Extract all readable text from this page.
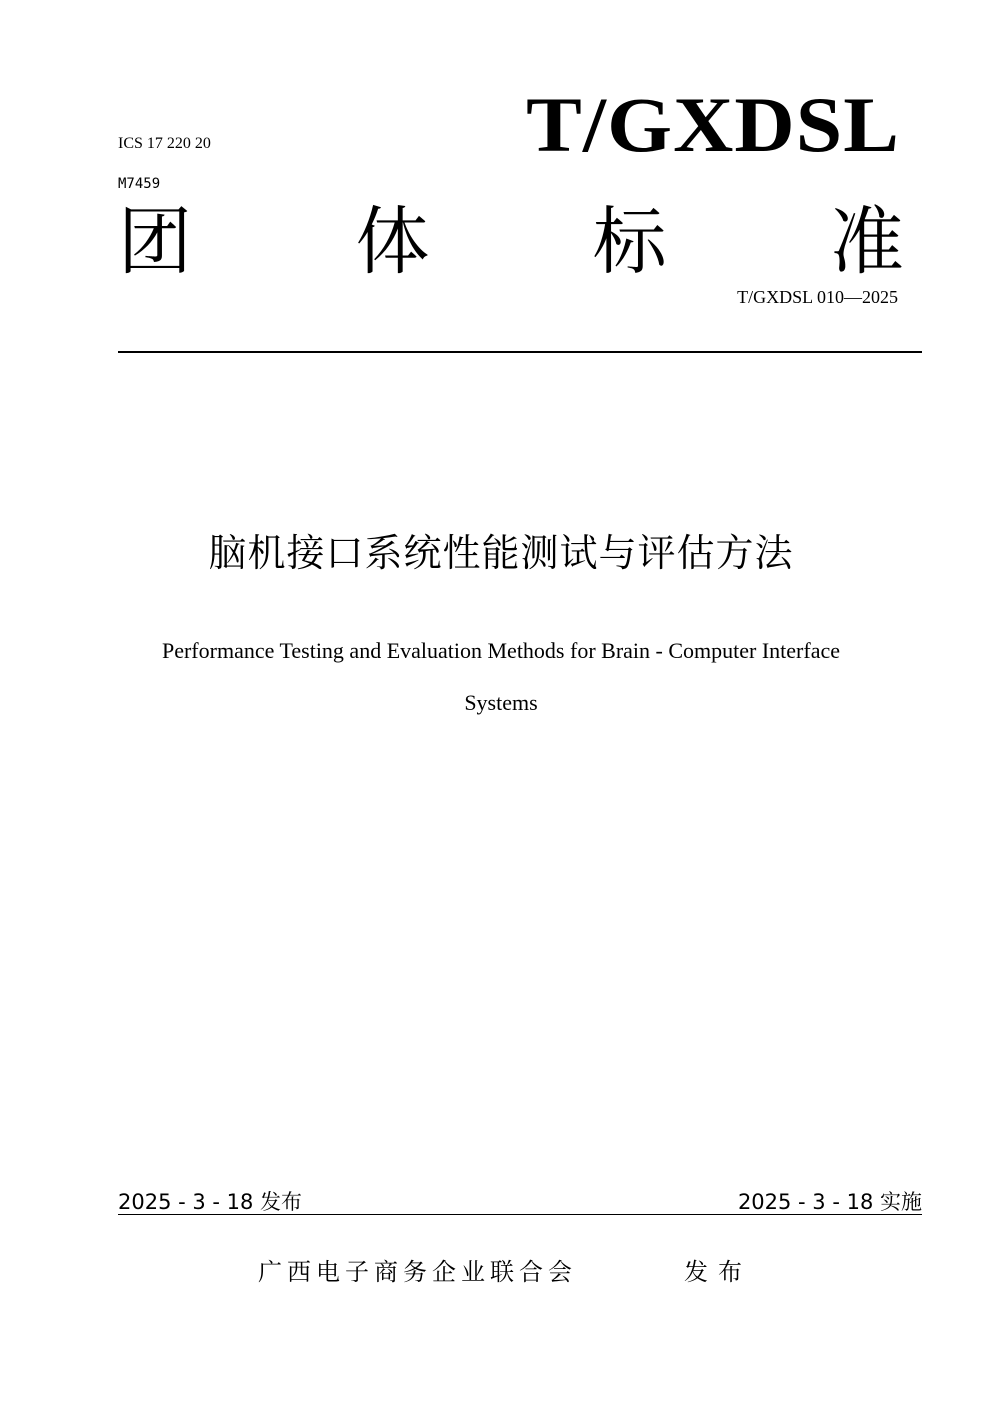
ICS 17 220 20
M7459
T/GXDSL
团 体 标 准
T/GXDSL 010—2025
脑机接口系统性能测试与评估方法
Performance Testing and Evaluation Methods for Brain - Computer Interface
Systems
2025 - 3 - 18 发布	2025 - 3 - 18 实施
广西电子商务企业联合会	发布
